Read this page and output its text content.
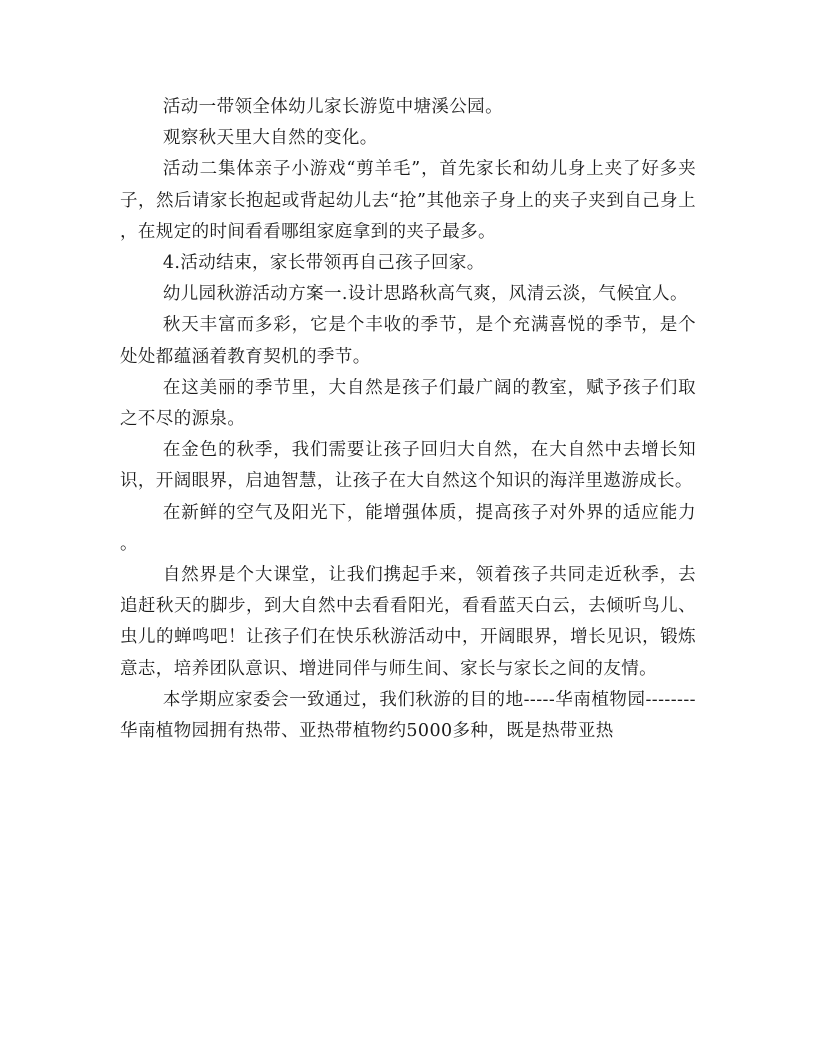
活动一带领全体幼儿家长游览中塘溪公园。

观察秋天里大自然的变化。

活动二集体亲子小游戏“剪羊毛”，首先家长和幼儿身上夹了好多夹子，然后请家长抱起或背起幼儿去“抢”其他亲子身上的夹子夹到自己身上，在规定的时间看看哪组家庭拿到的夹子最多。

4.活动结束，家长带领再自己孩子回家。

幼儿园秋游活动方案一.设计思路秋高气爽，风清云淡，气候宜人。

秋天丰富而多彩，它是个丰收的季节，是个充满喜悦的季节，是个处处都蕴涵着教育契机的季节。

在这美丽的季节里，大自然是孩子们最广阔的教室，赋予孩子们取之不尽的源泉。

在金色的秋季，我们需要让孩子回归大自然，在大自然中去增长知识，开阔眼界，启迪智慧，让孩子在大自然这个知识的海洋里遨游成长。

在新鲜的空气及阳光下，能增强体质，提高孩子对外界的适应能力。

自然界是个大课堂，让我们携起手来，领着孩子共同走近秋季，去追赶秋天的脚步，到大自然中去看看阳光，看看蓝天白云，去倾听鸟儿、虫儿的蝉鸣吧！让孩子们在快乐秋游活动中，开阔眼界，增长见识，锻炼意志，培养团队意识、增进同伴与师生间、家长与家长之间的友情。

本学期应家委会一致通过，我们秋游的目的地-----华南植物园--------华南植物园拥有热带、亚热带植物约5000多种，既是热带亚热
